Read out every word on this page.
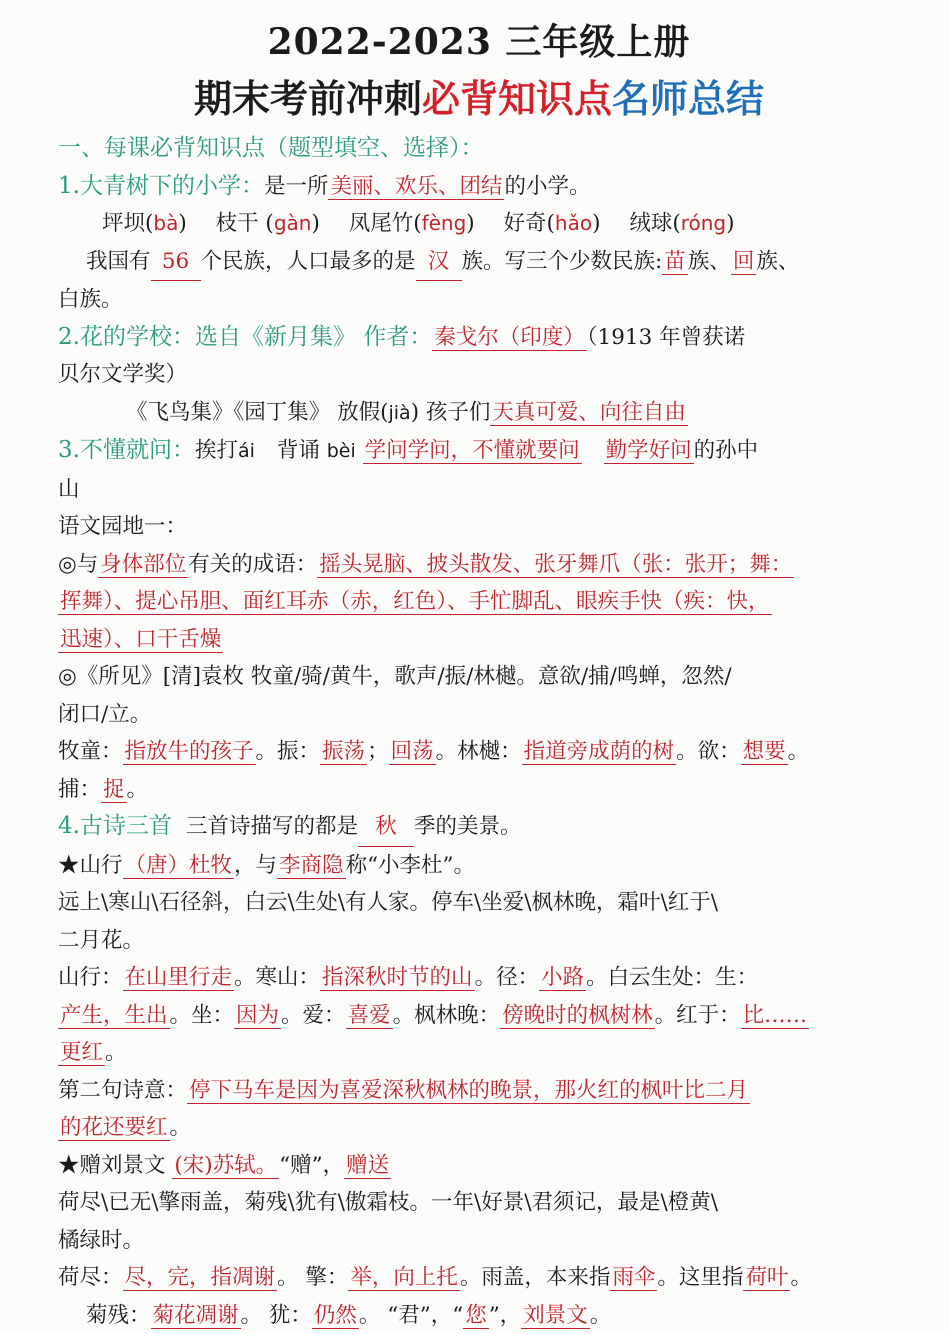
2022-2023 三年级上册
期末考前冲刺必背知识点名师总结
一、每课必背知识点（题型填空、选择）：
1.大青树下的小学：是一所美丽、欢乐、团结的小学。
坪坝(bà) 枝干 (gàn) 凤尾竹(fèng) 好奇(hǎo) 绒球(róng)
我国有 56 个民族，人口最多的是 汉 族。写三个少数民族:苗族、回族、
白族。
2.花的学校：选自《新月集》 作者：秦戈尔（印度）（1913 年曾获诺
贝尔文学奖）
《飞鸟集》《园丁集》 放假(jià) 孩子们天真可爱、向往自由
3.不懂就问：挨打ái 背诵 bèi 学问学问，不懂就要问 勤学好问的孙中
山
语文园地一：
◎与身体部位有关的成语：摇头晃脑、披头散发、张牙舞爪（张：张开；舞：
挥舞）、提心吊胆、面红耳赤（赤，红色）、手忙脚乱、眼疾手快（疾：快，
迅速）、口干舌燥
◎《所见》[清]袁枚 牧童/骑/黄牛，歌声/振/林樾。意欲/捕/鸣蝉，忽然/
闭口/立。
牧童：指放牛的孩子。振：振荡；回荡。林樾：指道旁成荫的树。欲：想要。
捕：捉。
4.古诗三首 三首诗描写的都是 秋 季的美景。
★山行（唐）杜牧，与李商隐称“小李杜”。
远上\寒山\石径斜，白云\生处\有人家。停车\坐爱\枫林晚，霜叶\红于\
二月花。
山行：在山里行走。寒山：指深秋时节的山。径：小路。白云生处：生：
产生，生出。坐：因为。爱：喜爱。枫林晚：傍晚时的枫树林。红于：比……
更红。
第二句诗意：停下马车是因为喜爱深秋枫林的晚景，那火红的枫叶比二月
的花还要红。
★赠刘景文 (宋)苏轼。“赠”，赠送
荷尽\已无\擎雨盖，菊残\犹有\傲霜枝。一年\好景\君须记，最是\橙黄\
橘绿时。
荷尽：尽，完，指凋谢。 擎：举，向上托。雨盖，本来指雨伞。这里指荷叶。
菊残：菊花凋谢。 犹：仍然。 “君”，“您”，刘景文。
